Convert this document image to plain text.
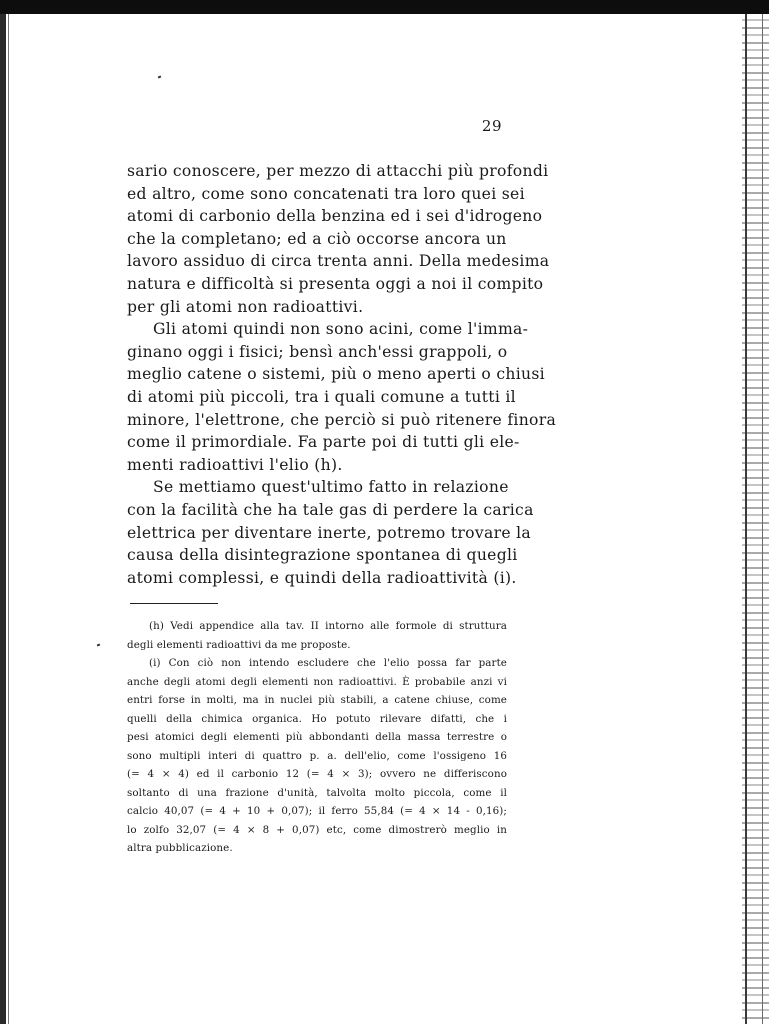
29
sario conoscere, per mezzo di attacchi più profondi
ed altro, come sono concatenati tra loro quei sei
atomi di carbonio della benzina ed i sei d'idrogeno
che la completano; ed a ciò occorse ancora un
lavoro assiduo di circa trenta anni. Della medesima
natura e difficoltà si presenta oggi a noi il compito
per gli atomi non radioattivi.
Gli atomi quindi non sono acini, come l'imma-
ginano oggi i fisici; bensì anch'essi grappoli, o
meglio catene o sistemi, più o meno aperti o chiusi
di atomi più piccoli, tra i quali comune a tutti il
minore, l'elettrone, che perciò si può ritenere finora
come il primordiale. Fa parte poi di tutti gli ele-
menti radioattivi l'elio (h).
Se mettiamo quest'ultimo fatto in relazione
con la facilità che ha tale gas di perdere la carica
elettrica per diventare inerte, potremo trovare la
causa della disintegrazione spontanea di quegli
atomi complessi, e quindi della radioattività (i).
(h) Vedi appendice alla tav. II intorno alle formole di struttura
degli elementi radioattivi da me proposte.
(i) Con ciò non intendo escludere che l'elio possa far parte
anche degli atomi degli elementi non radioattivi. È probabile anzi vi
entri forse in molti, ma in nuclei più stabili, a catene chiuse, come
quelli della chimica organica. Ho potuto rilevare difatti, che i
pesi atomici degli elementi più abbondanti della massa terrestre o
sono multipli interi di quattro p. a. dell'elio, come l'ossigeno 16
(= 4 × 4) ed il carbonio 12 (= 4 × 3); ovvero ne differiscono
soltanto di una frazione d'unità, talvolta molto piccola, come il
calcio 40,07 (= 4 + 10 + 0,07); il ferro 55,84 (= 4 × 14 - 0,16);
lo zolfo 32,07 (= 4 × 8 + 0,07) etc, come dimostrerò meglio in
altra pubblicazione.
